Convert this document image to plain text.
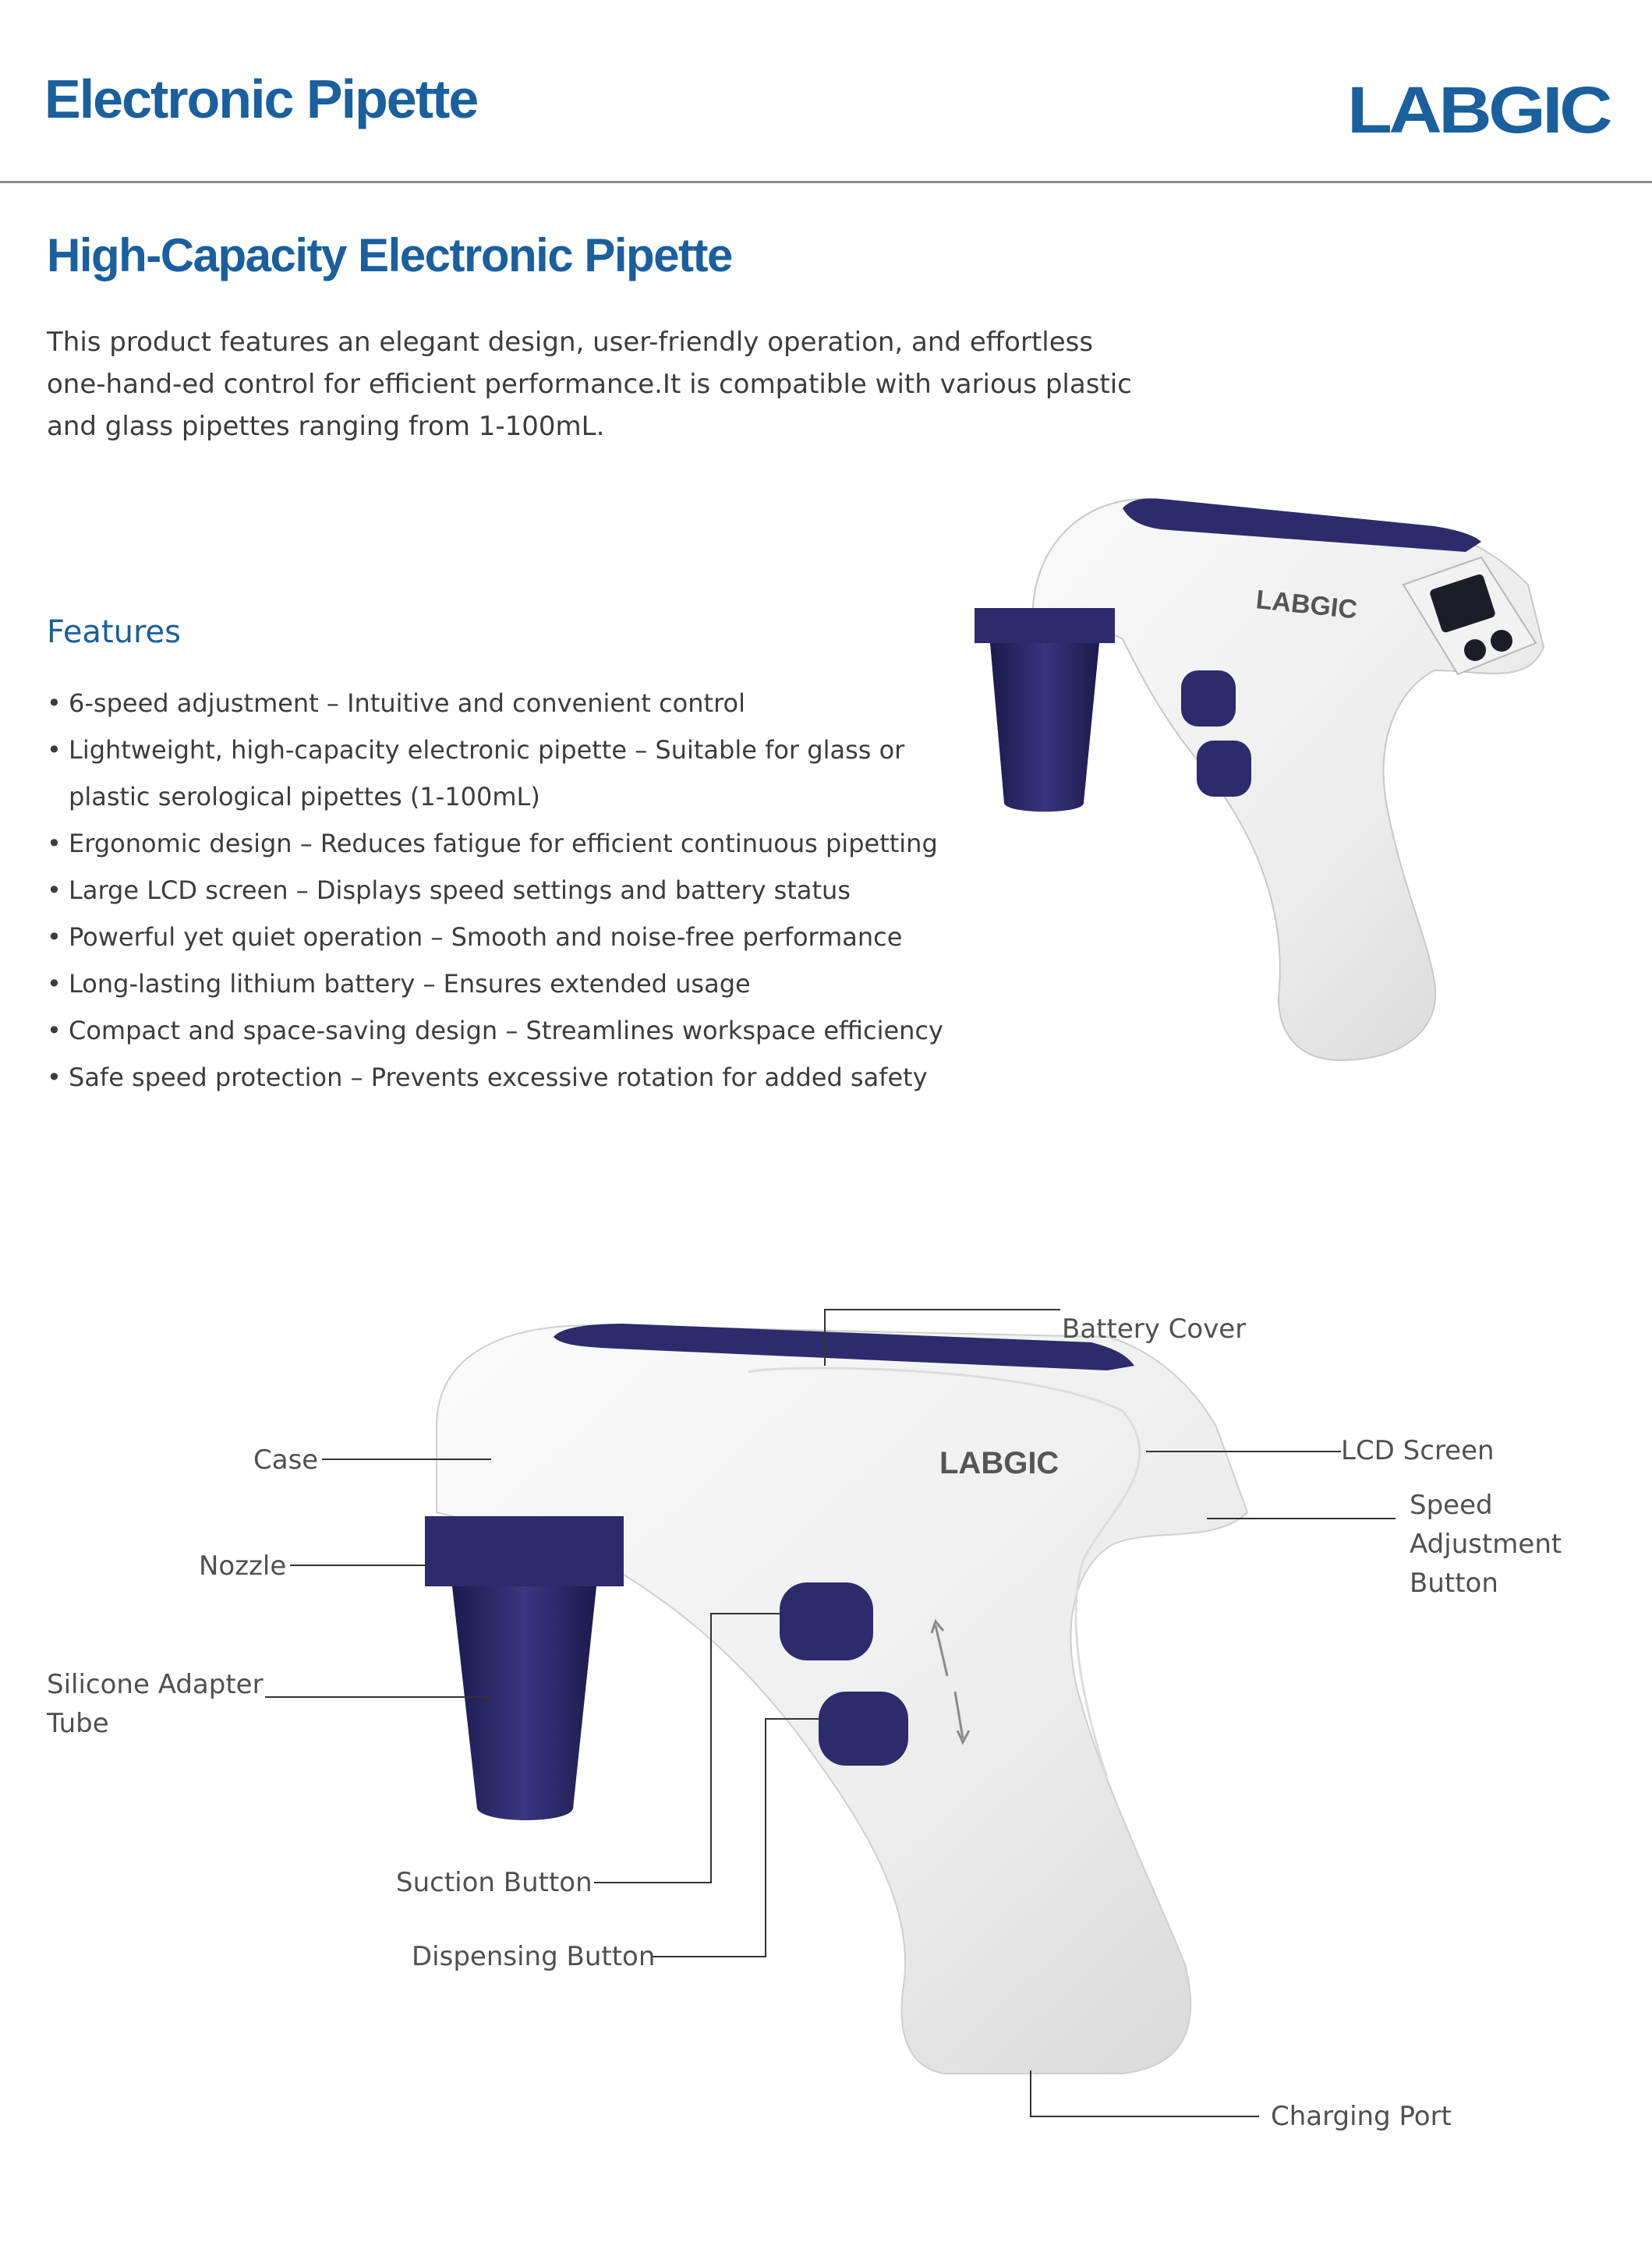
Electronic Pipette	LABGIC
High-Capacity Electronic Pipette

This product features an elegant design, user-friendly operation, and effortless one-hand-ed control for efficient performance.It is compatible with various plastic and glass pipettes ranging from 1-100mL.

Features
• 6-speed adjustment – Intuitive and convenient control
• Lightweight, high-capacity electronic pipette – Suitable for glass or plastic serological pipettes (1-100mL)
• Ergonomic design – Reduces fatigue for efficient continuous pipetting
• Large LCD screen – Displays speed settings and battery status
• Powerful yet quiet operation – Smooth and noise-free performance
• Long-lasting lithium battery – Ensures extended usage
• Compact and space-saving design – Streamlines workspace efficiency
• Safe speed protection – Prevents excessive rotation for added safety
LABGIC
LABGIC
Battery Cover
LCD Screen
Speed Adjustment
Button
Case
Nozzle
Silicone Adapter
Tube
Suction Button
Dispensing Button
Charging Port
